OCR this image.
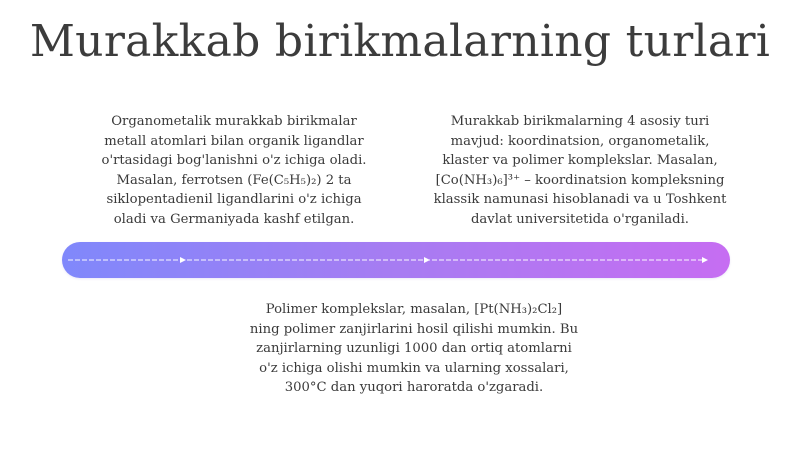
Murakkab birikmalarning turlari
Organometalik murakkab birikmalar
metall atomlari bilan organik ligandlar
o'rtasidagi bog'lanishni o'z ichiga oladi.
Masalan, ferrotsen (Fe(C₅H₅)₂) 2 ta
siklopentadienil ligandlarini o'z ichiga
oladi va Germaniyada kashf etilgan.
Murakkab birikmalarning 4 asosiy turi
mavjud: koordinatsion, organometalik,
klaster va polimer komplekslar. Masalan,
[Co(NH₃)₆]³⁺ – koordinatsion kompleksning
klassik namunasi hisoblanadi va u Toshkent
davlat universitetida o'rganiladi.
Polimer komplekslar, masalan, [Pt(NH₃)₂Cl₂]
ning polimer zanjirlarini hosil qilishi mumkin. Bu
zanjirlarning uzunligi 1000 dan ortiq atomlarni
o'z ichiga olishi mumkin va ularning xossalari,
300°C dan yuqori haroratda o'zgaradi.
